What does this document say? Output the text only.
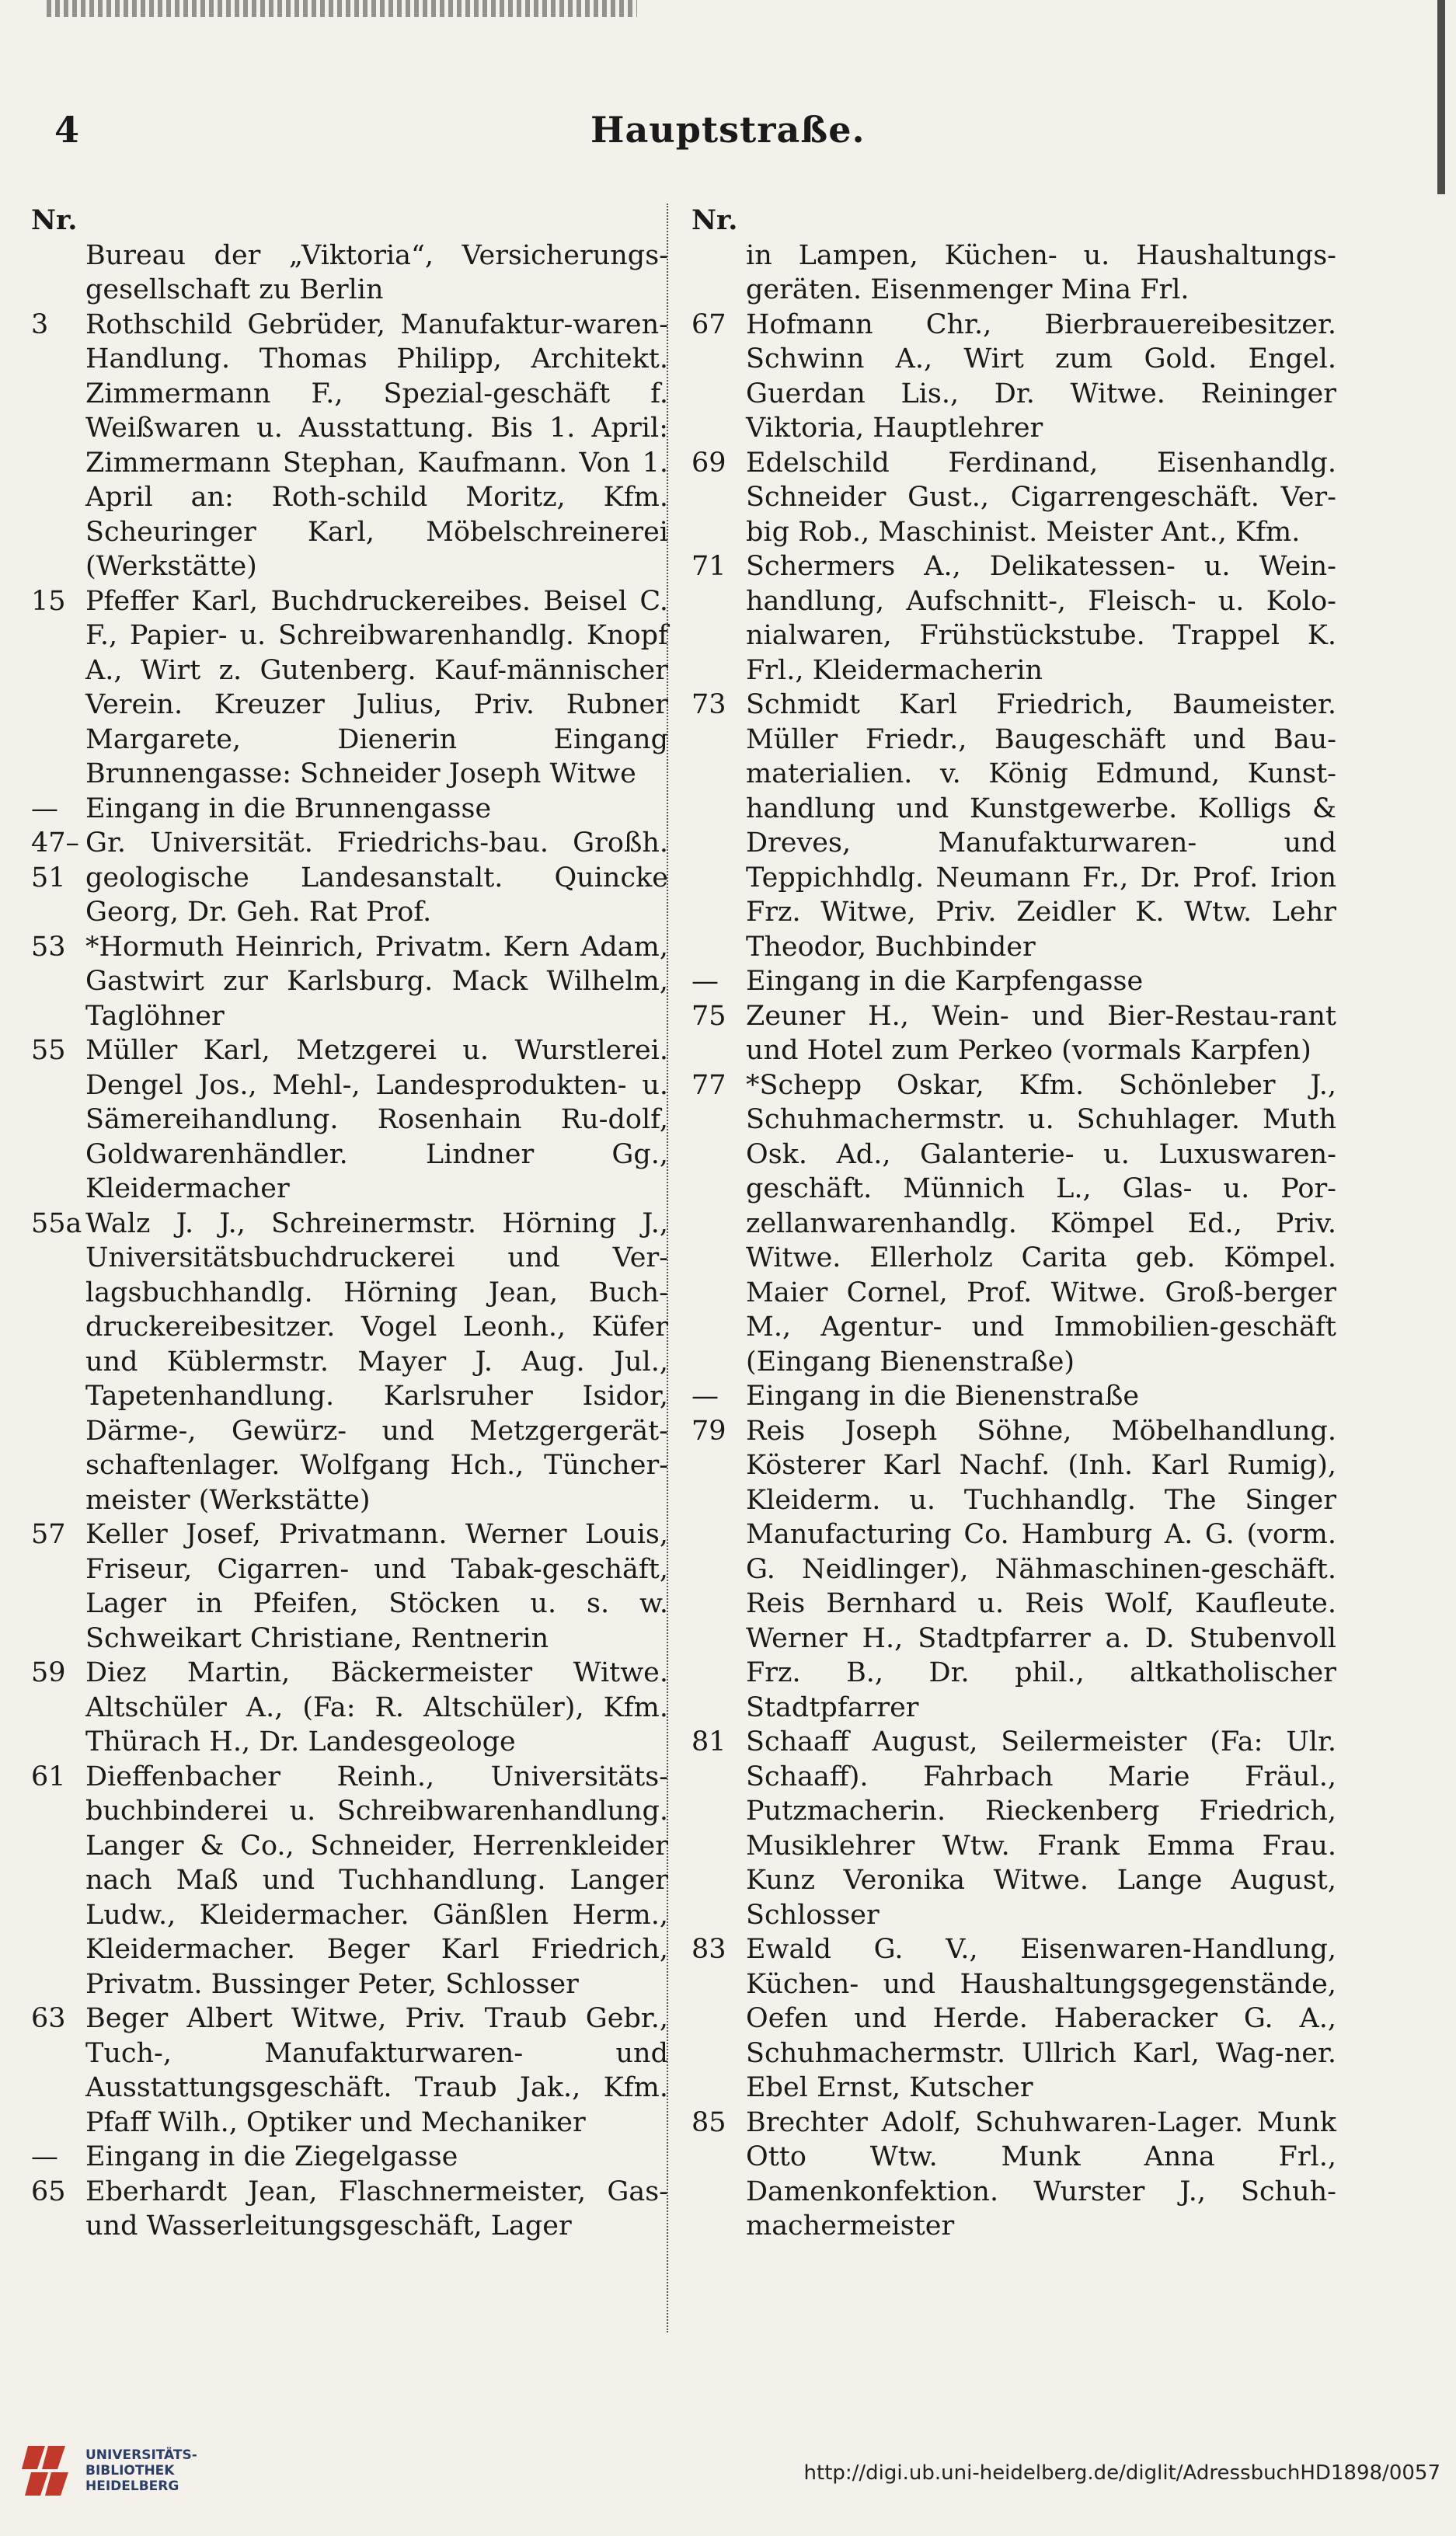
4	Hauptstraße.
Nr.
Bureau der „Viktoria“, Versicherungs-gesellschaft zu Berlin
3	Rothschild Gebrüder, Manufaktur-waren-Handlung. Thomas Philipp, Architekt. Zimmermann F., Spezial-geschäft f. Weißwaren u. Ausstattung. Bis 1. April: Zimmermann Stephan, Kaufmann. Von 1. April an: Roth-schild Moritz, Kfm. Scheuringer Karl, Möbelschreinerei (Werkstätte)
15 Pfeffer Karl, Buchdruckereibes. Beisel C. F., Papier- u. Schreibwarenhandlg. Knopf A., Wirt z. Gutenberg. Kauf-männischer Verein. Kreuzer Julius, Priv. Rubner Margarete, Dienerin Eingang Brunnengasse: Schneider Joseph Witwe
—	Eingang in die Brunnengasse
47–51
Gr. Universität. Friedrichs-bau. Großh. geologische Landesanstalt. Quincke Georg, Dr. Geh. Rat Prof.
53 *Hormuth Heinrich, Privatm. Kern Adam, Gastwirt zur Karlsburg. Mack Wilhelm, Taglöhner
55 Müller Karl, Metzgerei u. Wurstlerei. Dengel Jos., Mehl-, Landesprodukten- u. Sämereihandlung. Rosenhain Ru-dolf, Goldwarenhändler. Lindner Gg., Kleidermacher
55a Walz J. J., Schreinermstr. Hörning J., Universitätsbuchdruckerei und Ver-lagsbuchhandlg. Hörning Jean, Buch-druckereibesitzer. Vogel Leonh., Küfer und Küblermstr. Mayer J. Aug. Jul., Tapetenhandlung. Karlsruher Isidor, Därme-, Gewürz- und Metzgergerät-schaftenlager. Wolfgang Hch., Tüncher-meister (Werkstätte)
57 Keller Josef, Privatmann. Werner Louis, Friseur, Cigarren- und Tabak-geschäft, Lager in Pfeifen, Stöcken u. s. w. Schweikart Christiane, Rentnerin
59 Diez Martin, Bäckermeister Witwe. Altschüler A., (Fa: R. Altschüler), Kfm. Thürach H., Dr. Landesgeologe
61 Dieffenbacher Reinh., Universitäts-buchbinderei u. Schreibwarenhandlung. Langer & Co., Schneider, Herrenkleider nach Maß und Tuchhandlung. Langer Ludw., Kleidermacher. Gänßlen Herm., Kleidermacher. Beger Karl Friedrich, Privatm. Bussinger Peter, Schlosser
63 Beger Albert Witwe, Priv. Traub Gebr., Tuch-, Manufakturwaren- und Ausstattungsgeschäft. Traub Jak., Kfm. Pfaff Wilh., Optiker und Mechaniker
—	Eingang in die Ziegelgasse
65 Eberhardt Jean, Flaschnermeister, Gas- und Wasserleitungsgeschäft, Lager
Nr.
in Lampen, Küchen- u. Haushaltungs-geräten. Eisenmenger Mina Frl.
67 Hofmann Chr., Bierbrauereibesitzer. Schwinn A., Wirt zum Gold. Engel. Guerdan Lis., Dr. Witwe. Reininger Viktoria, Hauptlehrer
69 Edelschild Ferdinand, Eisenhandlg. Schneider Gust., Cigarrengeschäft. Ver-big Rob., Maschinist. Meister Ant., Kfm.
71 Schermers A., Delikatessen- u. Wein-handlung, Aufschnitt-, Fleisch- u. Kolo-nialwaren, Frühstückstube. Trappel K. Frl., Kleidermacherin
73 Schmidt Karl Friedrich, Baumeister. Müller Friedr., Baugeschäft und Bau-materialien. v. König Edmund, Kunst-handlung und Kunstgewerbe. Kolligs & Dreves, Manufakturwaren- und Teppichhdlg. Neumann Fr., Dr. Prof. Irion Frz. Witwe, Priv. Zeidler K. Wtw. Lehr Theodor, Buchbinder
—	Eingang in die Karpfengasse
75 Zeuner H., Wein- und Bier-Restau-rant und Hotel zum Perkeo (vormals Karpfen)
77 *Schepp Oskar, Kfm. Schönleber J., Schuhmachermstr. u. Schuhlager. Muth Osk. Ad., Galanterie- u. Luxuswaren-geschäft. Münnich L., Glas- u. Por-zellanwarenhandlg. Kömpel Ed., Priv. Witwe. Ellerholz Carita geb. Kömpel. Maier Cornel, Prof. Witwe. Groß-berger M., Agentur- und Immobilien-geschäft (Eingang Bienenstraße)
—	Eingang in die Bienenstraße
79 Reis Joseph Söhne, Möbelhandlung. Kösterer Karl Nachf. (Inh. Karl Rumig), Kleiderm. u. Tuchhandlg. The Singer Manufacturing Co. Hamburg A. G. (vorm. G. Neidlinger), Nähmaschinen-geschäft. Reis Bernhard u. Reis Wolf, Kaufleute. Werner H., Stadtpfarrer a. D. Stubenvoll Frz. B., Dr. phil., altkatholischer Stadtpfarrer
81 Schaaff August, Seilermeister (Fa: Ulr. Schaaff). Fahrbach Marie Fräul., Putzmacherin. Rieckenberg Friedrich, Musiklehrer Wtw. Frank Emma Frau. Kunz Veronika Witwe. Lange August, Schlosser
83 Ewald G. V., Eisenwaren-Handlung, Küchen- und Haushaltungsgegenstände, Oefen und Herde. Haberacker G. A., Schuhmachermstr. Ullrich Karl, Wag-ner. Ebel Ernst, Kutscher
85 Brechter Adolf, Schuhwaren-Lager. Munk Otto Wtw. Munk Anna Frl., Damenkonfektion. Wurster J., Schuh-machermeister
UNIVERSITÄTS-
BIBLIOTHEK
HEIDELBERG
http://digi.ub.uni-heidelberg.de/diglit/AdressbuchHD1898/0057
